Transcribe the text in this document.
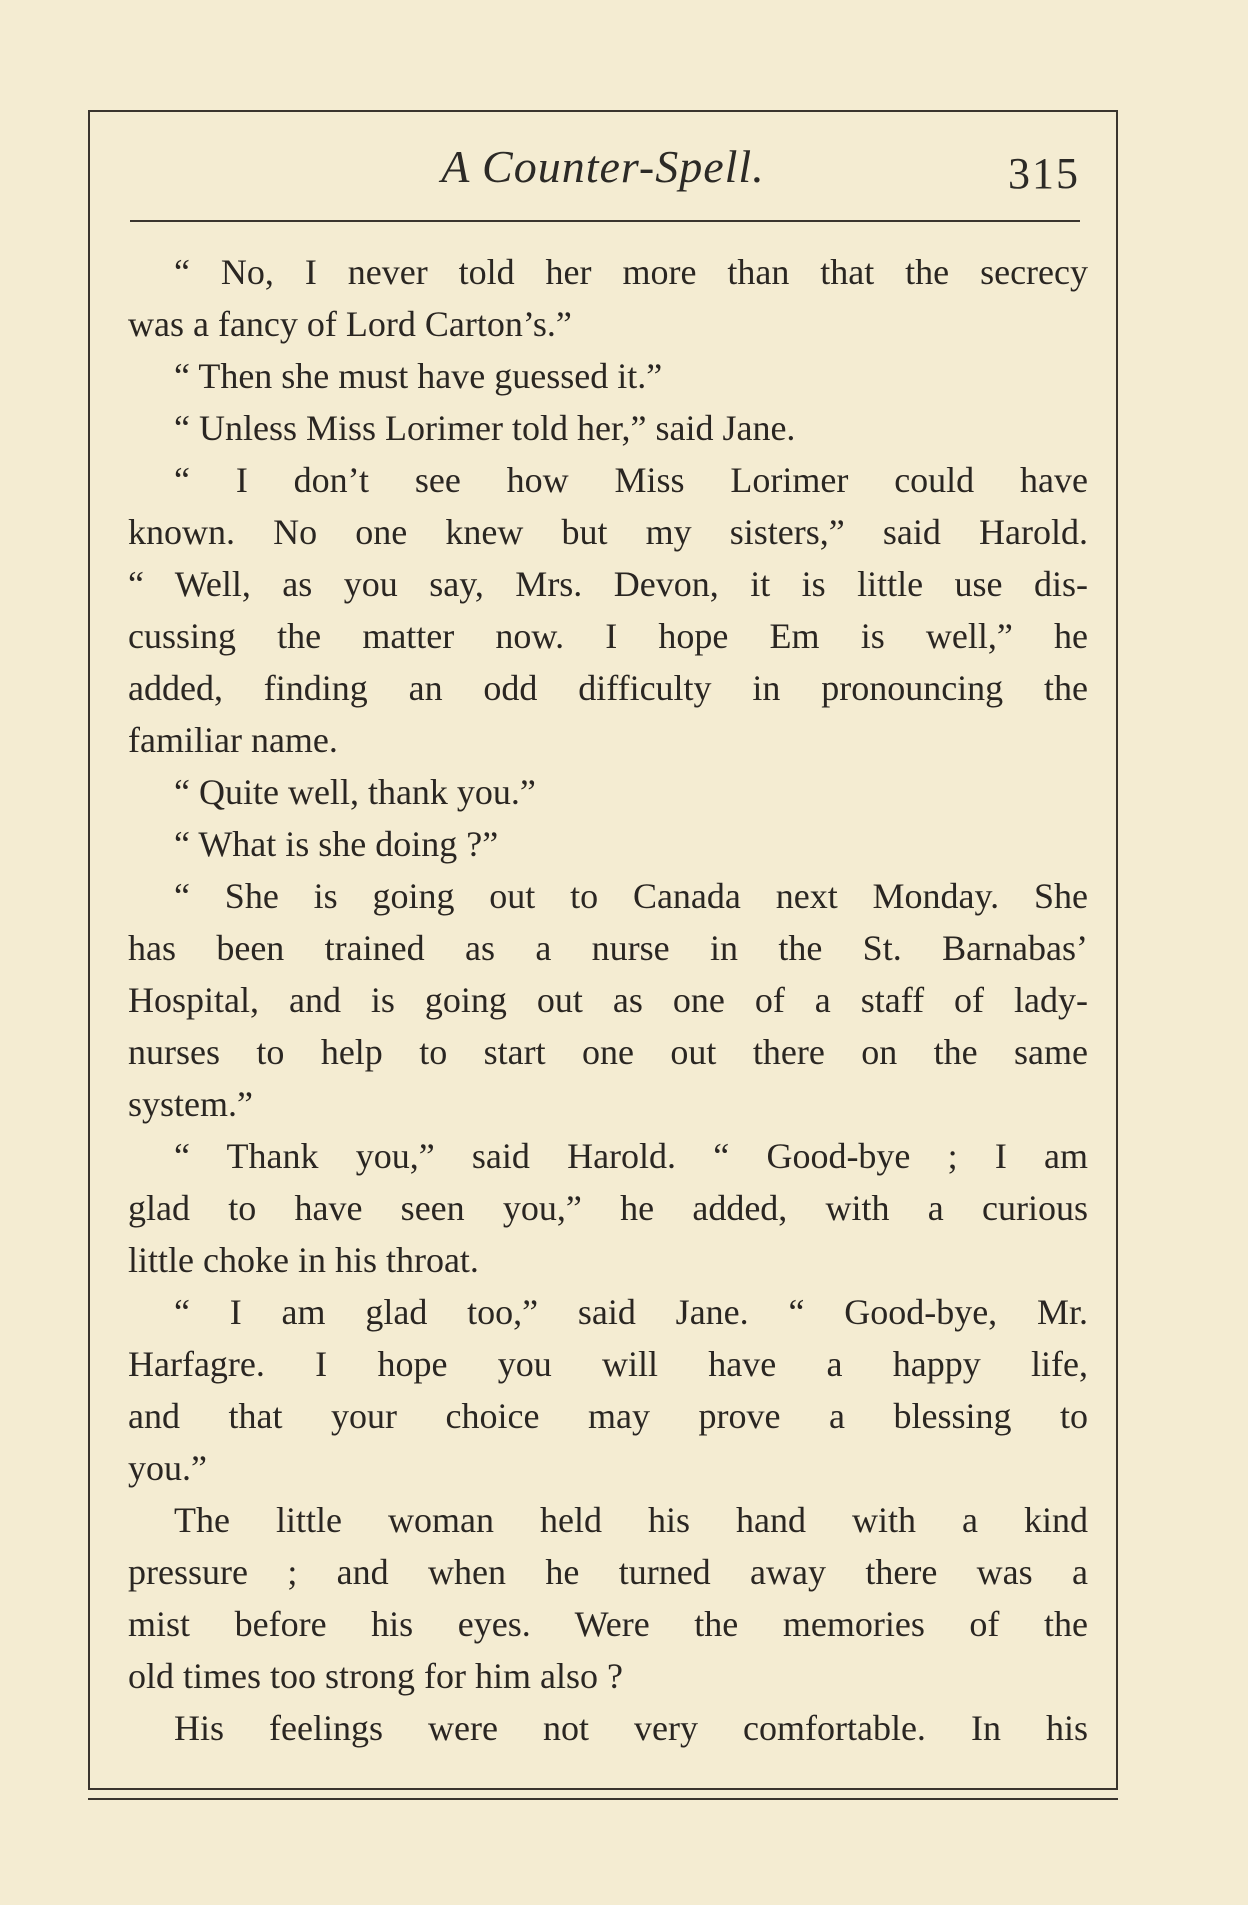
A Counter-Spell.	315
“ No, I never told her more than that the secrecy
was a fancy of Lord Carton’s.”
“ Then she must have guessed it.”
“ Unless Miss Lorimer told her,” said Jane.
“ I don’t see how Miss Lorimer could have
known. No one knew but my sisters,” said Harold.
“ Well, as you say, Mrs. Devon, it is little use dis-
cussing the matter now. I hope Em is well,” he
added, finding an odd difficulty in pronouncing the
familiar name.
“ Quite well, thank you.”
“ What is she doing ?”
“ She is going out to Canada next Monday. She
has been trained as a nurse in the St. Barnabas’
Hospital, and is going out as one of a staff of lady-
nurses to help to start one out there on the same
system.”
“ Thank you,” said Harold. “ Good-bye ; I am
glad to have seen you,” he added, with a curious
little choke in his throat.
“ I am glad too,” said Jane. “ Good-bye, Mr.
Harfagre. I hope you will have a happy life,
and that your choice may prove a blessing to
you.”
The little woman held his hand with a kind
pressure ; and when he turned away there was a
mist before his eyes. Were the memories of the
old times too strong for him also ?
His feelings were not very comfortable. In his
